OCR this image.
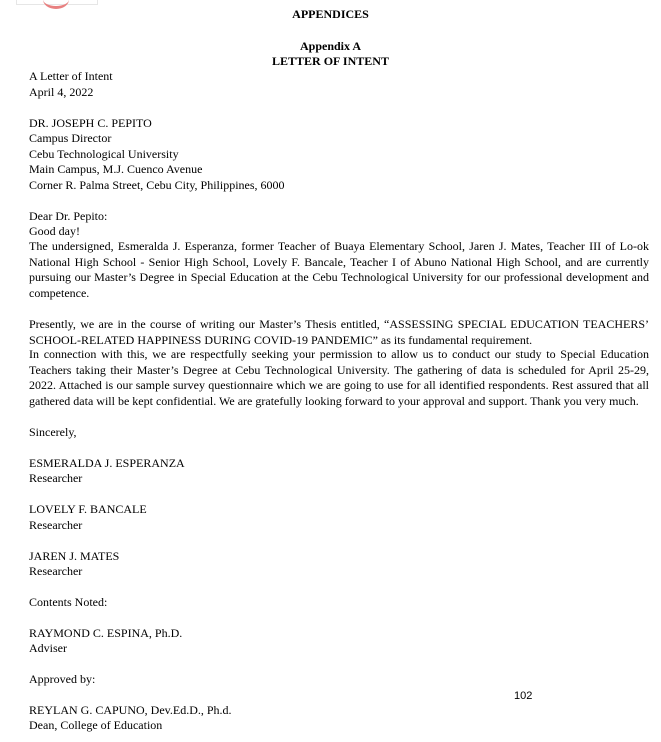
APPENDICES
Appendix A
LETTER OF INTENT
A Letter of Intent
April 4, 2022
DR. JOSEPH C. PEPITO
Campus Director
Cebu Technological University
Main Campus, M.J. Cuenco Avenue
Corner R. Palma Street, Cebu City, Philippines, 6000
Dear Dr. Pepito:
Good day!
The undersigned, Esmeralda J. Esperanza, former Teacher of Buaya Elementary School, Jaren J. Mates, Teacher III of Lo-ok National High School - Senior High School, Lovely F. Bancale, Teacher I of Abuno National High School, and are currently pursuing our Master’s Degree in Special Education at the Cebu Technological University for our professional development and competence.
Presently, we are in the course of writing our Master’s Thesis entitled, “ASSESSING SPECIAL EDUCATION TEACHERS’ SCHOOL-RELATED HAPPINESS DURING COVID-19 PANDEMIC” as its fundamental requirement.
In connection with this, we are respectfully seeking your permission to allow us to conduct our study to Special Education Teachers taking their Master’s Degree at Cebu Technological University. The gathering of data is scheduled for April 25-29, 2022. Attached is our sample survey questionnaire which we are going to use for all identified respondents. Rest assured that all gathered data will be kept confidential. We are gratefully looking forward to your approval and support. Thank you very much.
Sincerely,
ESMERALDA J. ESPERANZA
Researcher
LOVELY F. BANCALE
Researcher
JAREN J. MATES
Researcher
Contents Noted:
RAYMOND C. ESPINA, Ph.D.
Adviser
Approved by:
102
REYLAN G. CAPUNO, Dev.Ed.D., Ph.d.
Dean, College of Education
